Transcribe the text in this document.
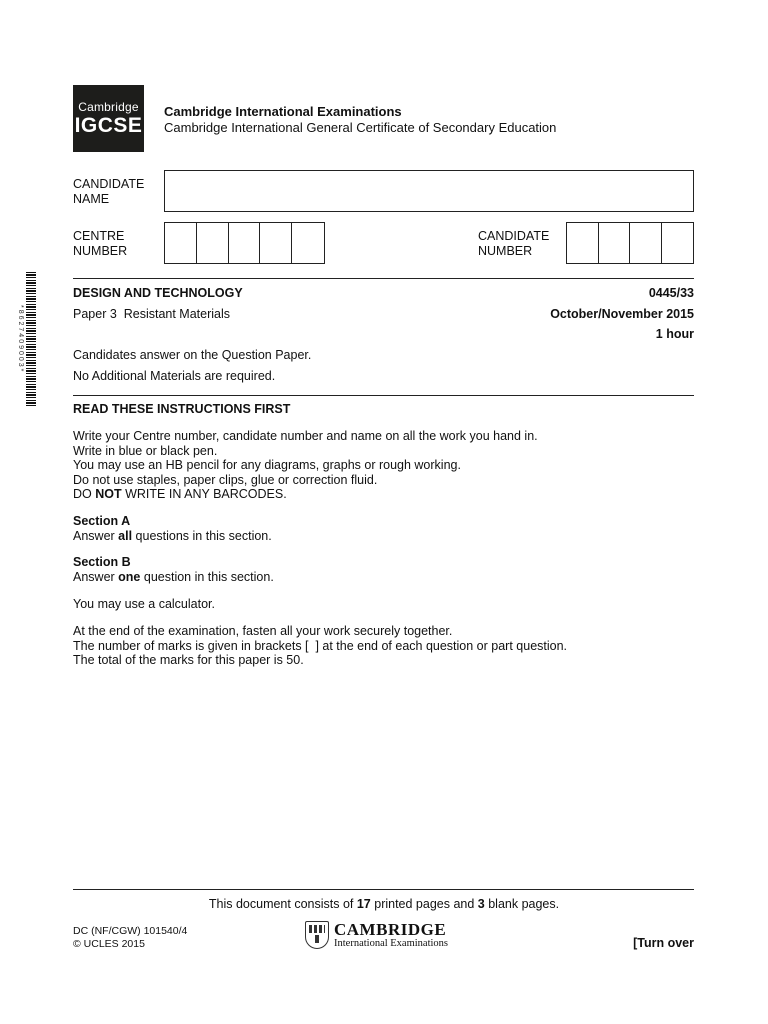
Cambridge
IGCSE
Cambridge International Examinations
Cambridge International General Certificate of Secondary Education
CANDIDATE
NAME
CENTRE
NUMBER
CANDIDATE
NUMBER
*8627409003*
DESIGN AND TECHNOLOGY	0445/33
Paper 3  Resistant Materials	October/November 2015
1 hour
Candidates answer on the Question Paper.
No Additional Materials are required.
READ THESE INSTRUCTIONS FIRST
Write your Centre number, candidate number and name on all the work you hand in.
Write in blue or black pen.
You may use an HB pencil for any diagrams, graphs or rough working.
Do not use staples, paper clips, glue or correction fluid.
DO NOT WRITE IN ANY BARCODES.
Section A
Answer all questions in this section.
Section B
Answer one question in this section.
You may use a calculator.
At the end of the examination, fasten all your work securely together.
The number of marks is given in brackets [  ] at the end of each question or part question.
The total of the marks for this paper is 50.
This document consists of 17 printed pages and 3 blank pages.
DC (NF/CGW) 101540/4
© UCLES 2015
CAMBRIDGE
International Examinations	[Turn over
